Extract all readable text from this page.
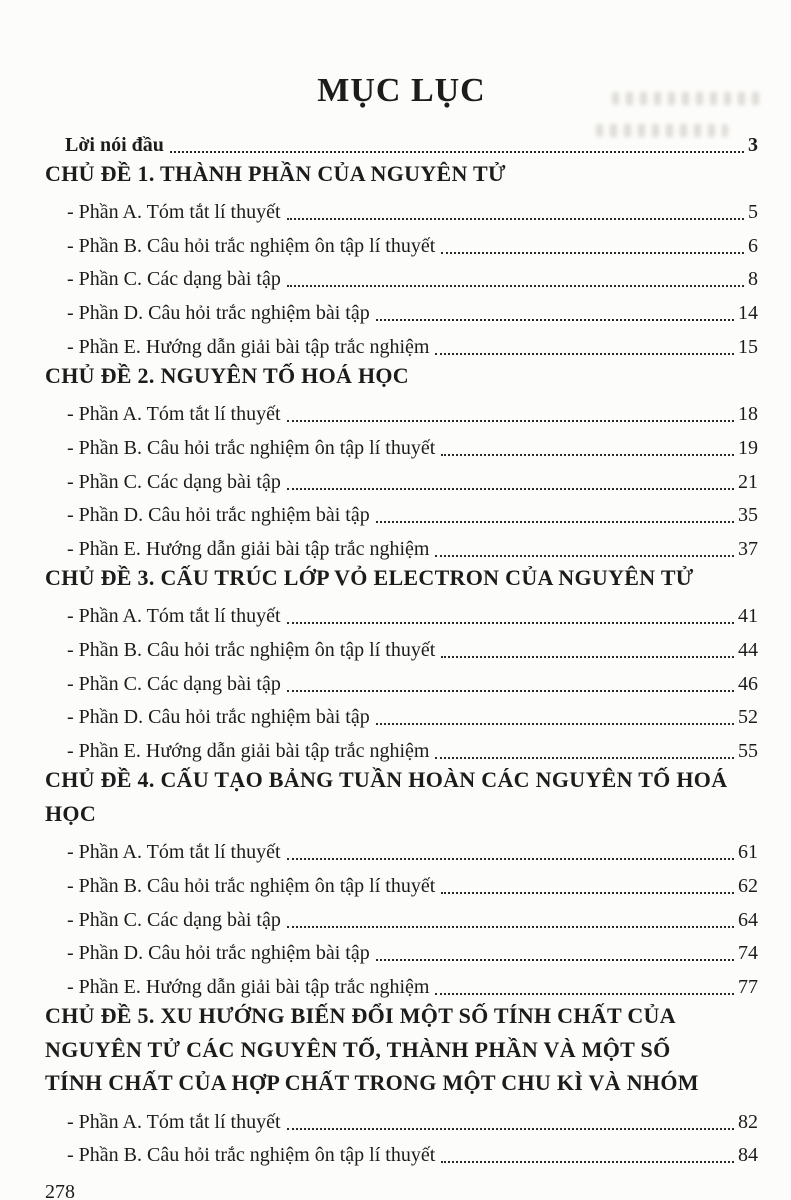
MỤC LỤC
Lời nói đầu	3
CHỦ ĐỀ 1. THÀNH PHẦN CỦA NGUYÊN TỬ
- Phần A. Tóm tắt lí thuyết	5
- Phần B. Câu hỏi trắc nghiệm ôn tập lí thuyết	6
- Phần C. Các dạng bài tập	8
- Phần D. Câu hỏi trắc nghiệm bài tập	14
- Phần E. Hướng dẫn giải bài tập trắc nghiệm	15
CHỦ ĐỀ 2. NGUYÊN TỐ HOÁ HỌC
- Phần A. Tóm tắt lí thuyết	18
- Phần B. Câu hỏi trắc nghiệm ôn tập lí thuyết	19
- Phần C. Các dạng bài tập	21
- Phần D. Câu hỏi trắc nghiệm bài tập	35
- Phần E. Hướng dẫn giải bài tập trắc nghiệm	37
CHỦ ĐỀ 3. CẤU TRÚC LỚP VỎ ELECTRON CỦA NGUYÊN TỬ
- Phần A. Tóm tắt lí thuyết	41
- Phần B. Câu hỏi trắc nghiệm ôn tập lí thuyết	44
- Phần C. Các dạng bài tập	46
- Phần D. Câu hỏi trắc nghiệm bài tập	52
- Phần E. Hướng dẫn giải bài tập trắc nghiệm	55
CHỦ ĐỀ 4. CẤU TẠO BẢNG TUẦN HOÀN CÁC NGUYÊN TỐ HOÁ HỌC
- Phần A. Tóm tắt lí thuyết	61
- Phần B. Câu hỏi trắc nghiệm ôn tập lí thuyết	62
- Phần C. Các dạng bài tập	64
- Phần D. Câu hỏi trắc nghiệm bài tập	74
- Phần E. Hướng dẫn giải bài tập trắc nghiệm	77
CHỦ ĐỀ 5. XU HƯỚNG BIẾN ĐỔI MỘT SỐ TÍNH CHẤT CỦA
NGUYÊN TỬ CÁC NGUYÊN TỐ, THÀNH PHẦN VÀ MỘT SỐ
TÍNH CHẤT CỦA HỢP CHẤT TRONG MỘT CHU KÌ VÀ NHÓM
- Phần A. Tóm tắt lí thuyết	82
- Phần B. Câu hỏi trắc nghiệm ôn tập lí thuyết	84
278
